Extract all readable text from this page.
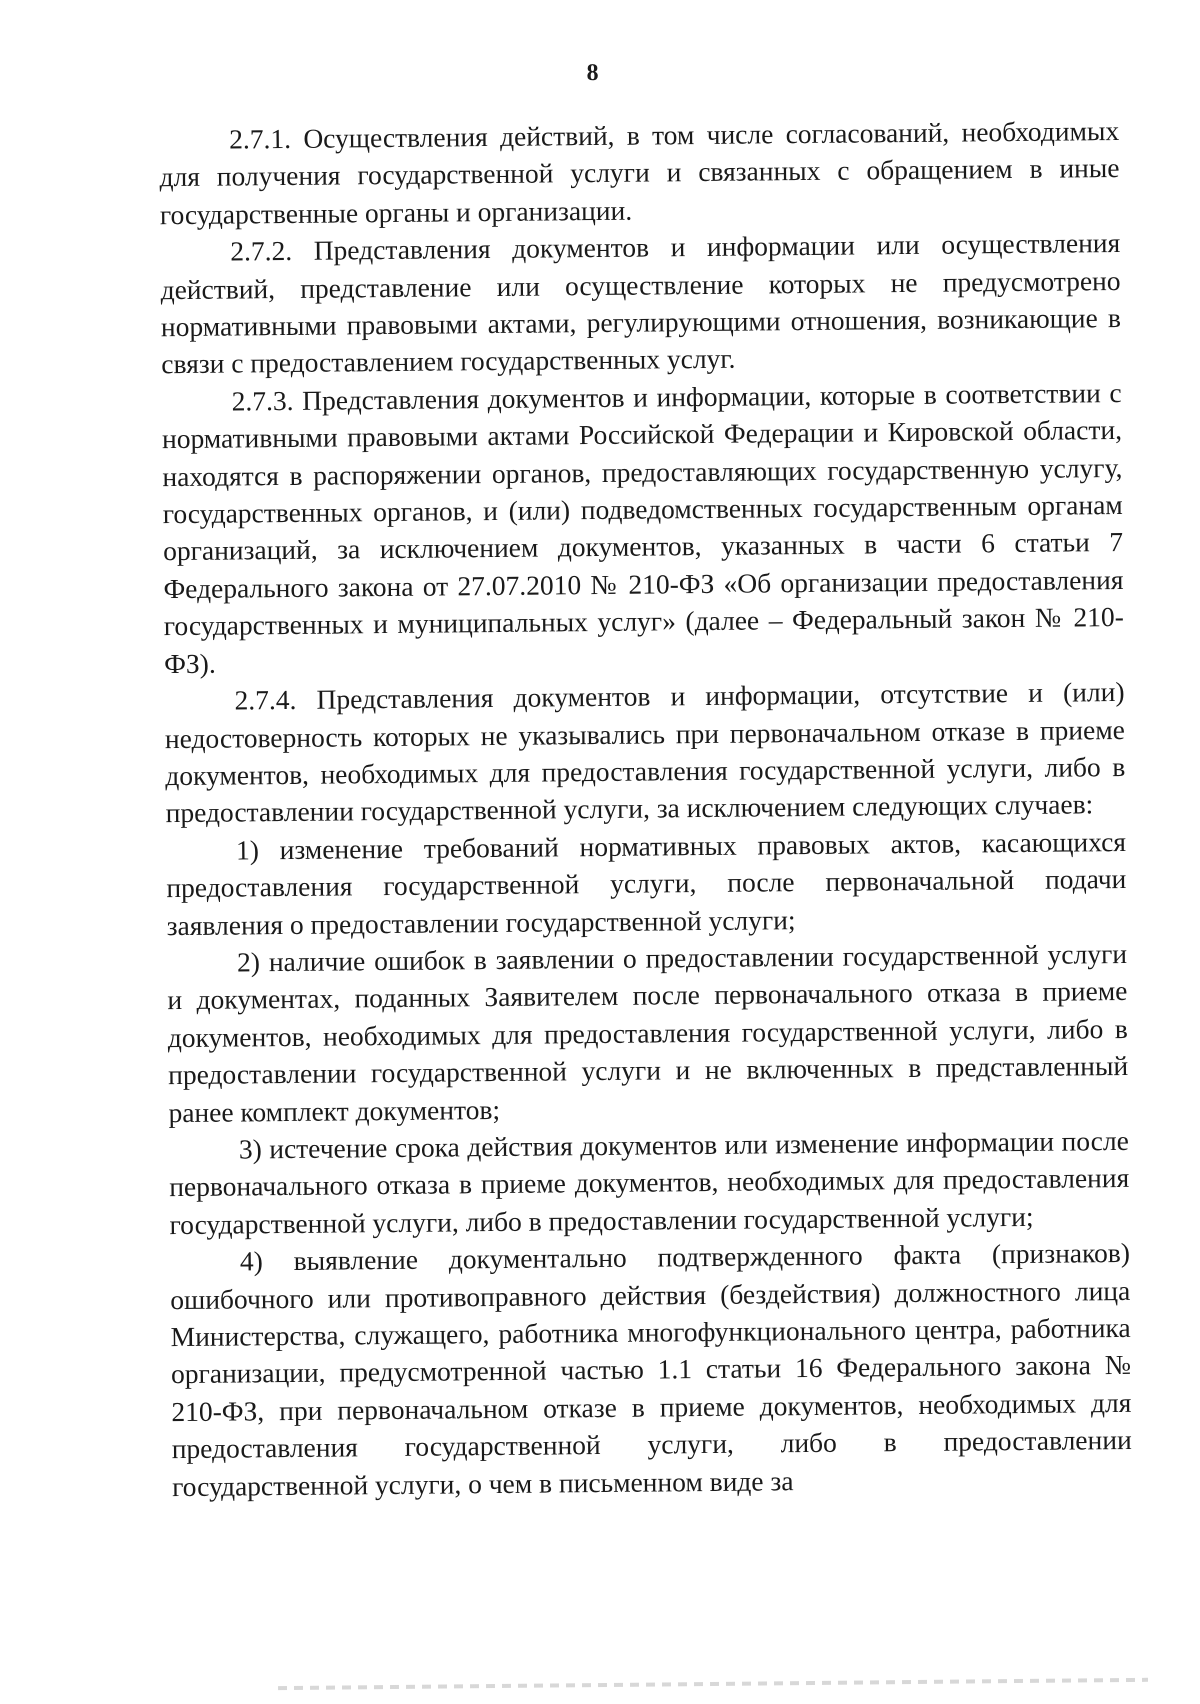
8

2.7.1. Осуществления действий, в том числе согласований, необходимых для получения государственной услуги и связанных с обращением в иные государственные органы и организации.

2.7.2. Представления документов и информации или осуществления действий, представление или осуществление которых не предусмотрено нормативными правовыми актами, регулирующими отношения, возникающие в связи с предоставлением государственных услуг.

2.7.3. Представления документов и информации, которые в соответствии с нормативными правовыми актами Российской Федерации и Кировской области, находятся в распоряжении органов, предоставляющих государственную услугу, государственных органов, и (или) подведомственных государственным органам организаций, за исключением документов, указанных в части 6 статьи 7 Федерального закона от 27.07.2010 № 210-ФЗ «Об организации предоставления государственных и муниципальных услуг» (далее – Федеральный закон № 210-ФЗ).

2.7.4. Представления документов и информации, отсутствие и (или) недостоверность которых не указывались при первоначальном отказе в приеме документов, необходимых для предоставления государственной услуги, либо в предоставлении государственной услуги, за исключением следующих случаев:

1) изменение требований нормативных правовых актов, касающихся предоставления государственной услуги, после первоначальной подачи заявления о предоставлении государственной услуги;

2) наличие ошибок в заявлении о предоставлении государственной услуги и документах, поданных Заявителем после первоначального отказа в приеме документов, необходимых для предоставления государственной услуги, либо в предоставлении государственной услуги и не включенных в представленный ранее комплект документов;

3) истечение срока действия документов или изменение информации после первоначального отказа в приеме документов, необходимых для предоставления государственной услуги, либо в предоставлении государственной услуги;

4) выявление документально подтвержденного факта (признаков) ошибочного или противоправного действия (бездействия) должностного лица Министерства, служащего, работника многофункционального центра, работника организации, предусмотренной частью 1.1 статьи 16 Федерального закона № 210-ФЗ, при первоначальном отказе в приеме документов, необходимых для предоставления государственной услуги, либо в предоставлении государственной услуги, о чем в письменном виде за
